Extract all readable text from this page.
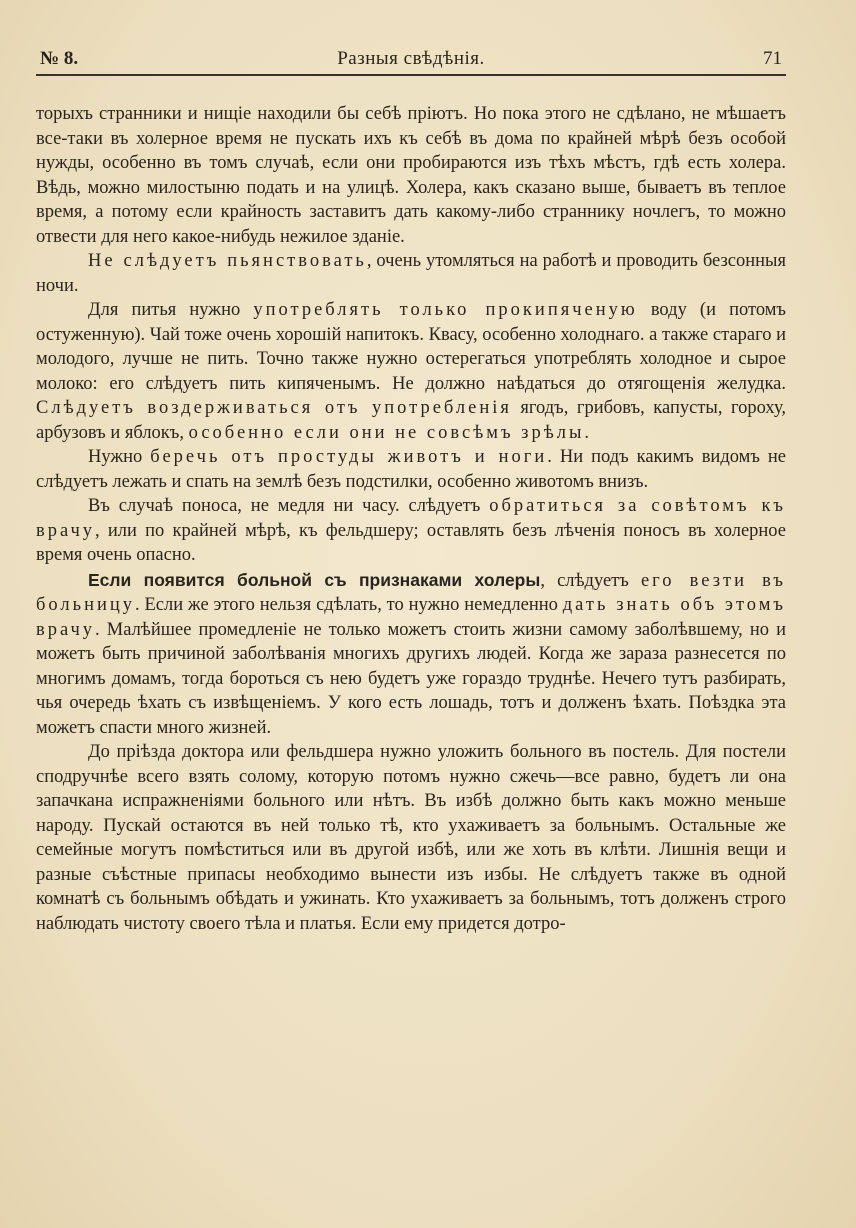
№ 8.	Разныя свѣдѣнія.	71

торыхъ странники и нищіе находили бы себѣ пріютъ. Но пока этого не сдѣлано, не мѣшаетъ все-таки въ холерное время не пускать ихъ къ себѣ въ дома по крайней мѣрѣ безъ особой нужды, особенно въ томъ случаѣ, если они пробираются изъ тѣхъ мѣстъ, гдѣ есть холера. Вѣдь, можно милостыню подать и на улицѣ. Холера, какъ сказано выше, бываетъ въ теплое время, а потому если крайность заставитъ дать какому-либо страннику ночлегъ, то можно отвести для него какое-нибудь нежилое зданіе.

Не слѣдуетъ пьянствовать, очень утомляться на работѣ и проводить безсонныя ночи.

Для питья нужно употреблять только прокипяченую воду (и потомъ остуженную). Чай тоже очень хорошій напитокъ. Квасу, особенно холоднаго. а также стараго и молодого, лучше не пить. Точно также нужно остерегаться употреблять холодное и сырое молоко: его слѣдуетъ пить кипяченымъ. Не должно наѣдаться до отягощенія желудка. Слѣдуетъ воздерживаться отъ употребленія ягодъ, грибовъ, капусты, гороху, арбузовъ и яблокъ, особенно если они не совсѣмъ зрѣлы.

Нужно беречь отъ простуды животъ и ноги. Ни подъ какимъ видомъ не слѣдуетъ лежать и спать на землѣ безъ подстилки, особенно животомъ внизъ.

Въ случаѣ поноса, не медля ни часу. слѣдуетъ обратиться за совѣтомъ къ врачу, или по крайней мѣрѣ, къ фельдшеру; оставлять безъ лѣченія поносъ въ холерное время очень опасно.

Если появится больной съ признаками холеры, слѣдуетъ его везти въ больницу. Если же этого нельзя сдѣлать, то нужно немедленно дать знать объ этомъ врачу. Малѣйшее промедленіе не только можетъ стоить жизни самому заболѣвшему, но и можетъ быть причиной заболѣванія многихъ другихъ людей. Когда же зараза разнесется по многимъ домамъ, тогда бороться съ нею будетъ уже гораздо труднѣе. Нечего тутъ разбирать, чья очередь ѣхать съ извѣщеніемъ. У кого есть лошадь, тотъ и долженъ ѣхать. Поѣздка эта можетъ спасти много жизней.

До пріѣзда доктора или фельдшера нужно уложить больного въ постель. Для постели сподручнѣе всего взять солому, которую потомъ нужно сжечь—все равно, будетъ ли она запачкана испражненіями больного или нѣтъ. Въ избѣ должно быть какъ можно меньше народу. Пускай остаются въ ней только тѣ, кто ухаживаетъ за больнымъ. Остальные же семейные могутъ помѣститься или въ другой избѣ, или же хоть въ клѣти. Лишнія вещи и разные съѣстные припасы необходимо вынести изъ избы. Не слѣдуетъ также въ одной комнатѣ съ больнымъ обѣдать и ужинать. Кто ухаживаетъ за больнымъ, тотъ долженъ строго наблюдать чистоту своего тѣла и платья. Если ему придется дотро-
